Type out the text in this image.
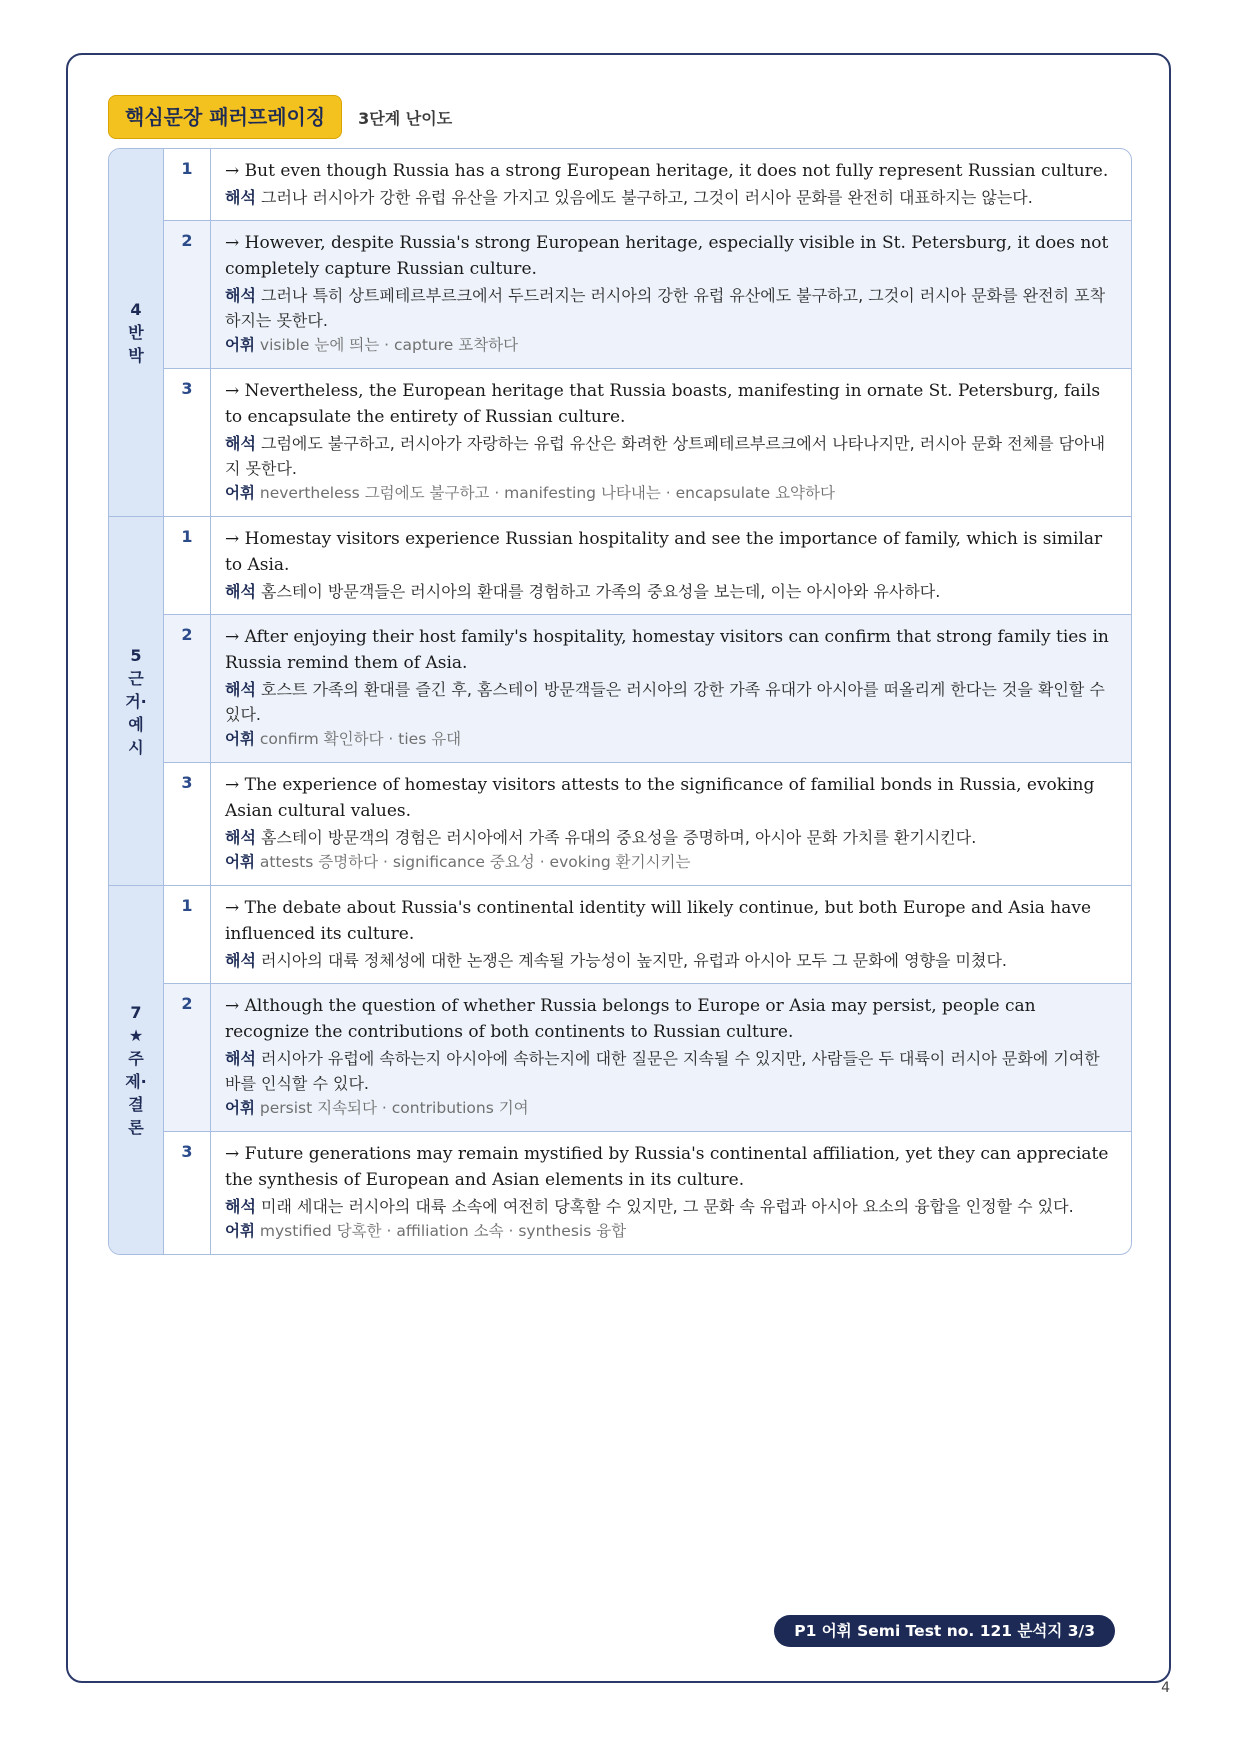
핵심문장 패러프레이징	3단계 난이도
4
반
박
1	→ But even though Russia has a strong European heritage, it does not fully represent Russian culture.
해석 그러나 러시아가 강한 유럽 유산을 가지고 있음에도 불구하고, 그것이 러시아 문화를 완전히 대표하지는 않는다.
2	→ However, despite Russia's strong European heritage, especially visible in St. Petersburg, it does not completely capture Russian culture.
해석 그러나 특히 상트페테르부르크에서 두드러지는 러시아의 강한 유럽 유산에도 불구하고, 그것이 러시아 문화를 완전히 포착하지는 못한다.
어휘 visible 눈에 띄는 · capture 포착하다
3	→ Nevertheless, the European heritage that Russia boasts, manifesting in ornate St. Petersburg, fails to encapsulate the entirety of Russian culture.
해석 그럼에도 불구하고, 러시아가 자랑하는 유럽 유산은 화려한 상트페테르부르크에서 나타나지만, 러시아 문화 전체를 담아내지 못한다.
어휘 nevertheless 그럼에도 불구하고 · manifesting 나타내는 · encapsulate 요약하다
5
근
거·
예
시
1	→ Homestay visitors experience Russian hospitality and see the importance of family, which is similar to Asia.
해석 홈스테이 방문객들은 러시아의 환대를 경험하고 가족의 중요성을 보는데, 이는 아시아와 유사하다.
2	→ After enjoying their host family's hospitality, homestay visitors can confirm that strong family ties in Russia remind them of Asia.
해석 호스트 가족의 환대를 즐긴 후, 홈스테이 방문객들은 러시아의 강한 가족 유대가 아시아를 떠올리게 한다는 것을 확인할 수 있다.
어휘 confirm 확인하다 · ties 유대
3	→ The experience of homestay visitors attests to the significance of familial bonds in Russia, evoking Asian cultural values.
해석 홈스테이 방문객의 경험은 러시아에서 가족 유대의 중요성을 증명하며, 아시아 문화 가치를 환기시킨다.
어휘 attests 증명하다 · significance 중요성 · evoking 환기시키는
7
★
주
제·
결
론
1	→ The debate about Russia's continental identity will likely continue, but both Europe and Asia have influenced its culture.
해석 러시아의 대륙 정체성에 대한 논쟁은 계속될 가능성이 높지만, 유럽과 아시아 모두 그 문화에 영향을 미쳤다.
2	→ Although the question of whether Russia belongs to Europe or Asia may persist, people can recognize the contributions of both continents to Russian culture.
해석 러시아가 유럽에 속하는지 아시아에 속하는지에 대한 질문은 지속될 수 있지만, 사람들은 두 대륙이 러시아 문화에 기여한 바를 인식할 수 있다.
어휘 persist 지속되다 · contributions 기여
3	→ Future generations may remain mystified by Russia's continental affiliation, yet they can appreciate the synthesis of European and Asian elements in its culture.
해석 미래 세대는 러시아의 대륙 소속에 여전히 당혹할 수 있지만, 그 문화 속 유럽과 아시아 요소의 융합을 인정할 수 있다.
어휘 mystified 당혹한 · affiliation 소속 · synthesis 융합
P1 어휘 Semi Test no. 121 분석지 3/3
4
